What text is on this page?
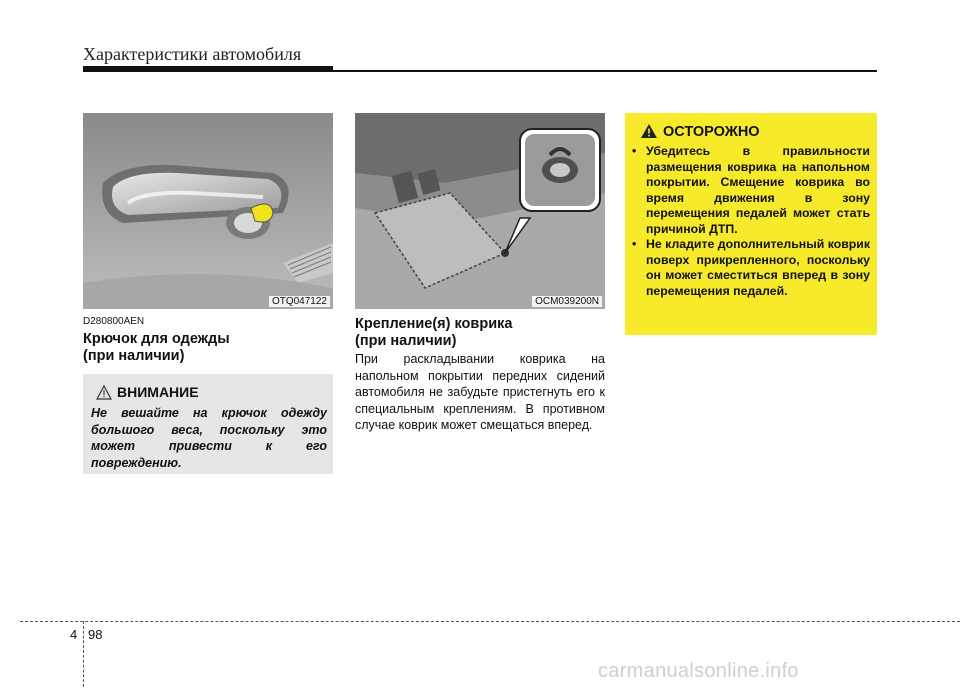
Характеристики автомобиля
OTQ047122	OCM039200N
D280800AEN
Крючок для одежды
(при наличии)
ВНИМАНИЕ
Не вешайте на крючок одежду большого веса, поскольку это может привести к его повреждению.
Крепление(я) коврика
(при наличии)
При раскладывании коврика на напольном покрытии передних сидений автомобиля не забудьте пристегнуть его к специальным креплениям. В противном случае коврик может смещаться вперед.
ОСТОРОЖНО
• Убедитесь в правильности размещения коврика на напольном покрытии. Смещение коврика во время движения в зону перемещения педалей может стать причиной ДТП.
• Не кладите дополнительный коврик поверх прикрепленного, поскольку он может сместиться вперед в зону перемещения педалей.
4 98
carmanualsonline.info
